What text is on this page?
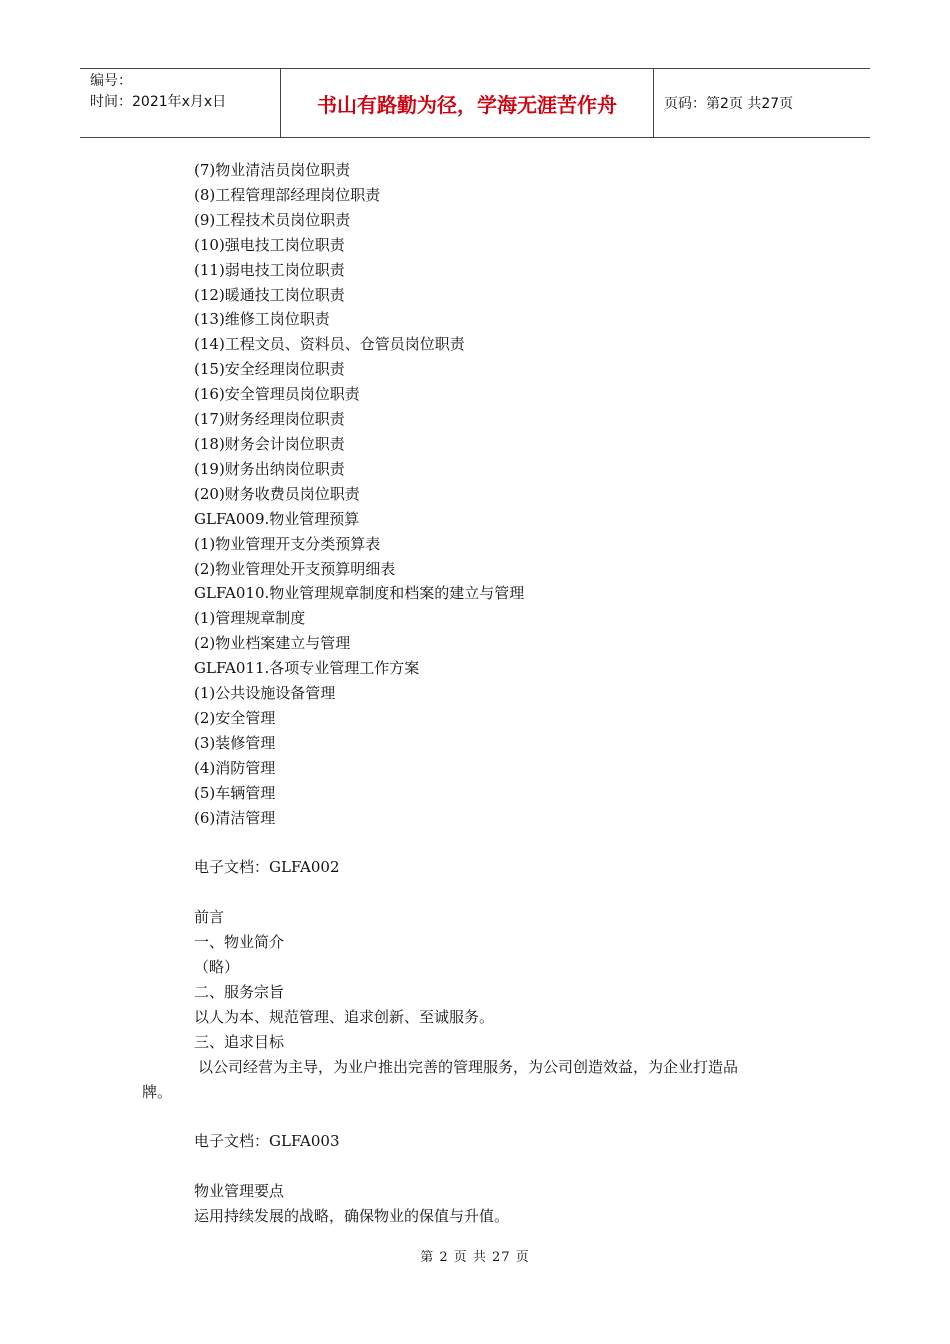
编号：
时间：2021年x月x日	书山有路勤为径，学海无涯苦作舟	页码：第2页 共27页
(7)物业清洁员岗位职责
(8)工程管理部经理岗位职责
(9)工程技术员岗位职责
(10)强电技工岗位职责
(11)弱电技工岗位职责
(12)暖通技工岗位职责
(13)维修工岗位职责
(14)工程文员、资料员、仓管员岗位职责
(15)安全经理岗位职责
(16)安全管理员岗位职责
(17)财务经理岗位职责
(18)财务会计岗位职责
(19)财务出纳岗位职责
(20)财务收费员岗位职责
GLFA009.物业管理预算
(1)物业管理开支分类预算表
(2)物业管理处开支预算明细表
GLFA010.物业管理规章制度和档案的建立与管理
(1)管理规章制度
(2)物业档案建立与管理
GLFA011.各项专业管理工作方案
(1)公共设施设备管理
(2)安全管理
(3)装修管理
(4)消防管理
(5)车辆管理
(6)清洁管理
电子文档：GLFA002
前言
一、物业简介
（略）
二、服务宗旨
以人为本、规范管理、追求创新、至诚服务。
三、追求目标
以公司经营为主导，为业户推出完善的管理服务，为公司创造效益，为企业打造品
牌。
电子文档：GLFA003
物业管理要点
运用持续发展的战略，确保物业的保值与升值。
第 2 页 共 27 页
